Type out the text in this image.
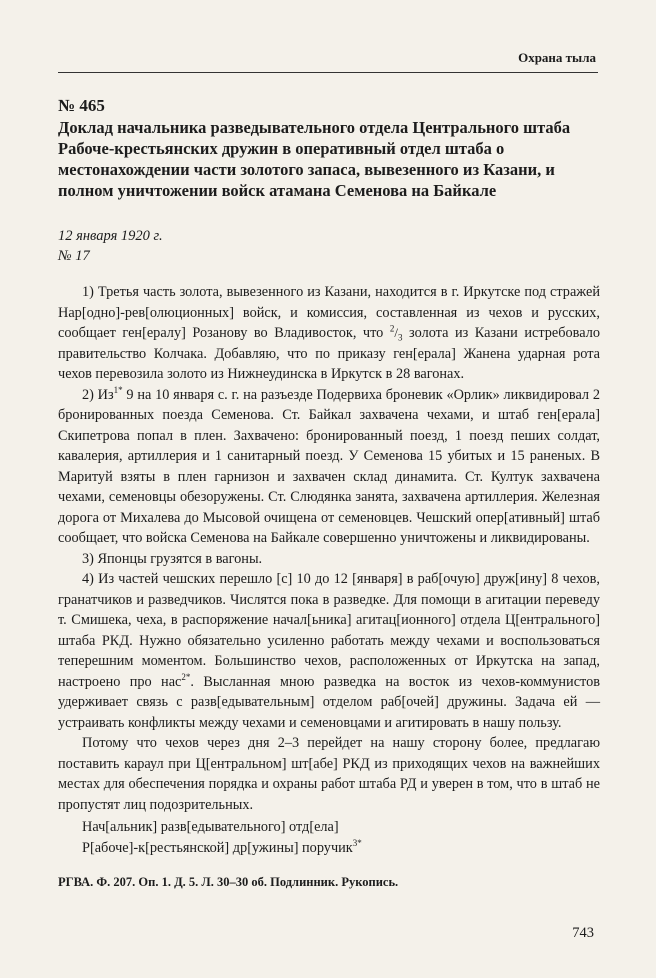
Охрана тыла
№ 465
Доклад начальника разведывательного отдела Центрального штаба Рабоче-крестьянских дружин в оперативный отдел штаба о местонахождении части золотого запаса, вывезенного из Казани, и полном уничтожении войск атамана Семенова на Байкале
12 января 1920 г.
№ 17

1) Третья часть золота, вывезенного из Казани, находится в г. Иркутске под стражей Нар[одно]-рев[олюционных] войск, и комиссия, составленная из чехов и русских, сообщает ген[ералу] Розанову во Владивосток, что $^2/_3$ золота из Казани истребовало правительство Колчака. Добавляю, что по приказу ген[ерала] Жанена ударная рота чехов перевозила золото из Нижнеудинска в Иркутск в 28 вагонах.

2) $Из^{1*}$ 9 на 10 января с. г. на разъезде Подервиха броневик «Орлик» ликвидировал 2 бронированных поезда Семенова. Ст. Байкал захвачена чехами, и штаб ген[ерала] Скипетрова попал в плен. Захвачено: бронированный поезд, 1 поезд пеших солдат, кавалерия, артиллерия и 1 санитарный поезд. У Семенова 15 убитых и 15 раненых. В Маритуй взяты в плен гарнизон и захвачен склад динамита. Ст. Култук захвачена чехами, семеновцы обезоружены. Ст. Слюдянка занята, захвачена артиллерия. Железная дорога от Михалева до Мысовой очищена от семеновцев. Чешский опер[ативный] штаб сообщает, что войска Семенова на Байкале совершенно уничтожены и ликвидированы.

3) Японцы грузятся в вагоны.

4) Из частей чешских перешло [с] 10 до 12 [января] в раб[очую] друж[ину] 8 чехов, гранатчиков и разведчиков. Числятся пока в разведке. Для помощи в агитации переведу т. Смишека, чеха, в распоряжение начал[ьника] агитац[ионного] отдела Ц[ентрального] штаба РКД. Нужно обязательно усиленно работать между чехами и воспользоваться теперешним моментом. Большинство чехов, расположенных от Иркутска на запад, настроено про нас$^{2*}$. Высланная мною разведка на восток из чехов-коммунистов удерживает связь с разв[едывательным] отделом раб[очей] дружины. Задача ей — устраивать конфликты между чехами и семеновцами и агитировать в нашу пользу.

Потому что чехов через дня 2–3 перейдет на нашу сторону более, предлагаю поставить караул при Ц[ентральном] шт[абе] РКД из приходящих чехов на важнейших местах для обеспечения порядка и охраны работ штаба РД и уверен в том, что в штаб не пропустят лиц подозрительных.

Нач[альник] разв[едывательного] отд[ела]
Р[абоче]-к[рестьянской] др[ужины] поручик$^{3*}$
РГВА. Ф. 207. Оп. 1. Д. 5. Л. 30–30 об. Подлинник. Рукопись.
743
